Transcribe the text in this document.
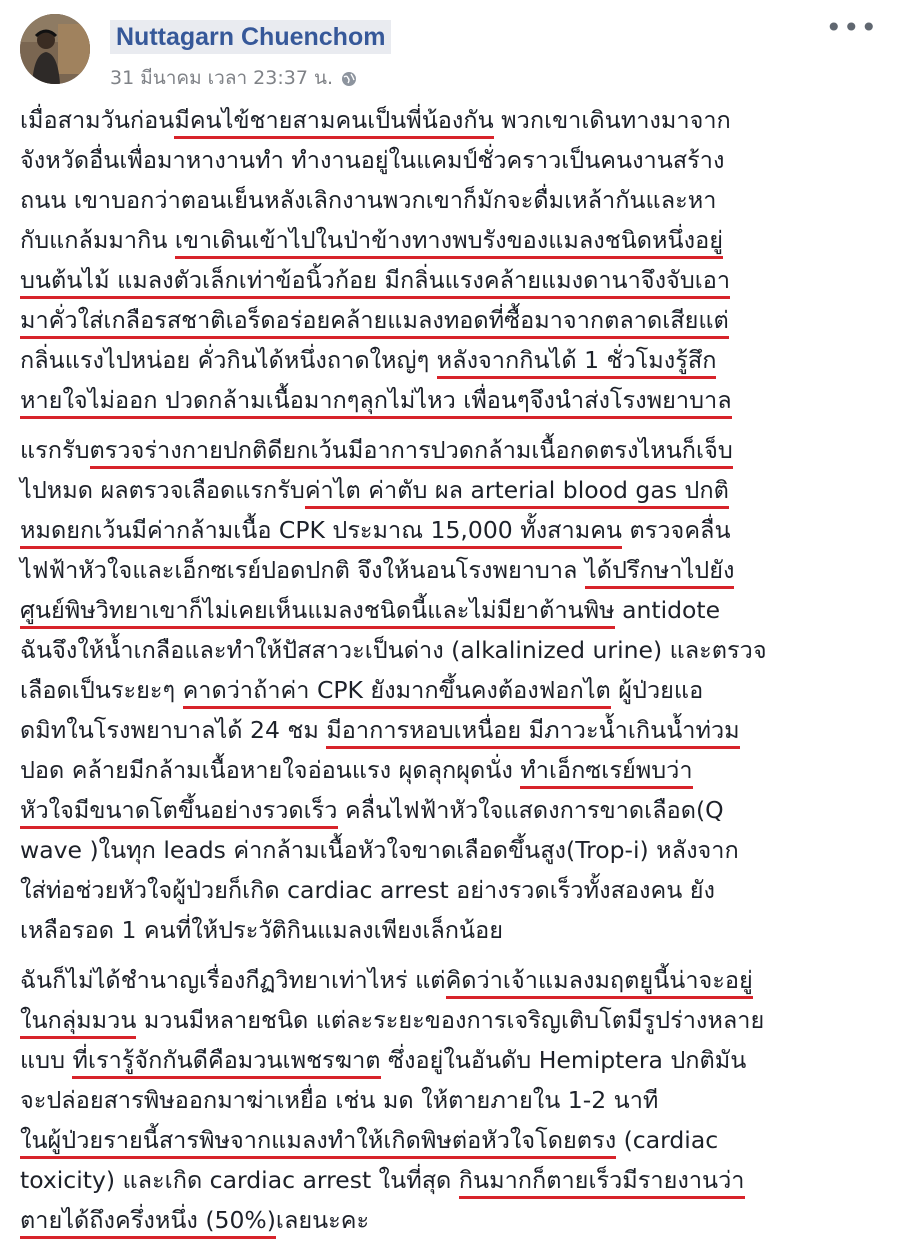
Nuttagarn Chuenchom
31 มีนาคม เวลา 23:37 น.
•••

เมื่อสามวันก่อนมีคนไข้ชายสามคนเป็นพี่น้องกัน พวกเขาเดินทางมาจาก
จังหวัดอื่นเพื่อมาหางานทำ ทำงานอยู่ในแคมป์ชั่วคราวเป็นคนงานสร้าง
ถนน เขาบอกว่าตอนเย็นหลังเลิกงานพวกเขาก็มักจะดื่มเหล้ากันและหา
กับแกล้มมากิน เขาเดินเข้าไปในป่าข้างทางพบรังของแมลงชนิดหนึ่งอยู่
บนต้นไม้ แมลงตัวเล็กเท่าข้อนิ้วก้อย มีกลิ่นแรงคล้ายแมงดานาจึงจับเอา
มาคั่วใส่เกลือรสชาติเอร็ดอร่อยคล้ายแมลงทอดที่ซื้อมาจากตลาดเสียแต่
กลิ่นแรงไปหน่อย คั่วกินได้หนึ่งถาดใหญ่ๆ หลังจากกินได้ 1 ชั่วโมงรู้สึก
หายใจไม่ออก ปวดกล้ามเนื้อมากๆลุกไม่ไหว เพื่อนๆจึงนำส่งโรงพยาบาล

แรกรับตรวจร่างกายปกติดียกเว้นมีอาการปวดกล้ามเนื้อกดตรงไหนก็เจ็บ
ไปหมด ผลตรวจเลือดแรกรับค่าไต ค่าตับ ผล arterial blood gas ปกติ
หมดยกเว้นมีค่ากล้ามเนื้อ CPK ประมาณ 15,000 ทั้งสามคน ตรวจคลื่น
ไฟฟ้าหัวใจและเอ็กซเรย์ปอดปกติ จึงให้นอนโรงพยาบาล ได้ปรึกษาไปยัง
ศูนย์พิษวิทยาเขาก็ไม่เคยเห็นแมลงชนิดนี้และไม่มียาต้านพิษ antidote
ฉันจึงให้น้ำเกลือและทำให้ปัสสาวะเป็นด่าง (alkalinized urine) และตรวจ
เลือดเป็นระยะๆ คาดว่าถ้าค่า CPK ยังมากขึ้นคงต้องฟอกไต ผู้ป่วยแอ
ดมิทในโรงพยาบาลได้ 24 ชม มีอาการหอบเหนื่อย มีภาวะน้ำเกินน้ำท่วม
ปอด คล้ายมีกล้ามเนื้อหายใจอ่อนแรง ผุดลุกผุดนั่ง ทำเอ็กซเรย์พบว่า
หัวใจมีขนาดโตขึ้นอย่างรวดเร็ว คลื่นไฟฟ้าหัวใจแสดงการขาดเลือด(Q
wave )ในทุก leads ค่ากล้ามเนื้อหัวใจขาดเลือดขึ้นสูง(Trop-i) หลังจาก
ใส่ท่อช่วยหัวใจผู้ป่วยก็เกิด cardiac arrest อย่างรวดเร็วทั้งสองคน ยัง
เหลือรอด 1 คนที่ให้ประวัติกินแมลงเพียงเล็กน้อย

ฉันก็ไม่ได้ชำนาญเรื่องกีฏวิทยาเท่าไหร่ แต่คิดว่าเจ้าแมลงมฤตยูนี้น่าจะอยู่
ในกลุ่มมวน มวนมีหลายชนิด แต่ละระยะของการเจริญเติบโตมีรูปร่างหลาย
แบบ ที่เรารู้จักกันดีคือมวนเพชรฆาต ซึ่งอยู่ในอันดับ Hemiptera ปกติมัน
จะปล่อยสารพิษออกมาฆ่าเหยื่อ เช่น มด ให้ตายภายใน 1-2 นาที
ในผู้ป่วยรายนี้สารพิษจากแมลงทำให้เกิดพิษต่อหัวใจโดยตรง (cardiac
toxicity) และเกิด cardiac arrest ในที่สุด กินมากก็ตายเร็วมีรายงานว่า
ตายได้ถึงครึ่งหนึ่ง (50%)เลยนะคะ
